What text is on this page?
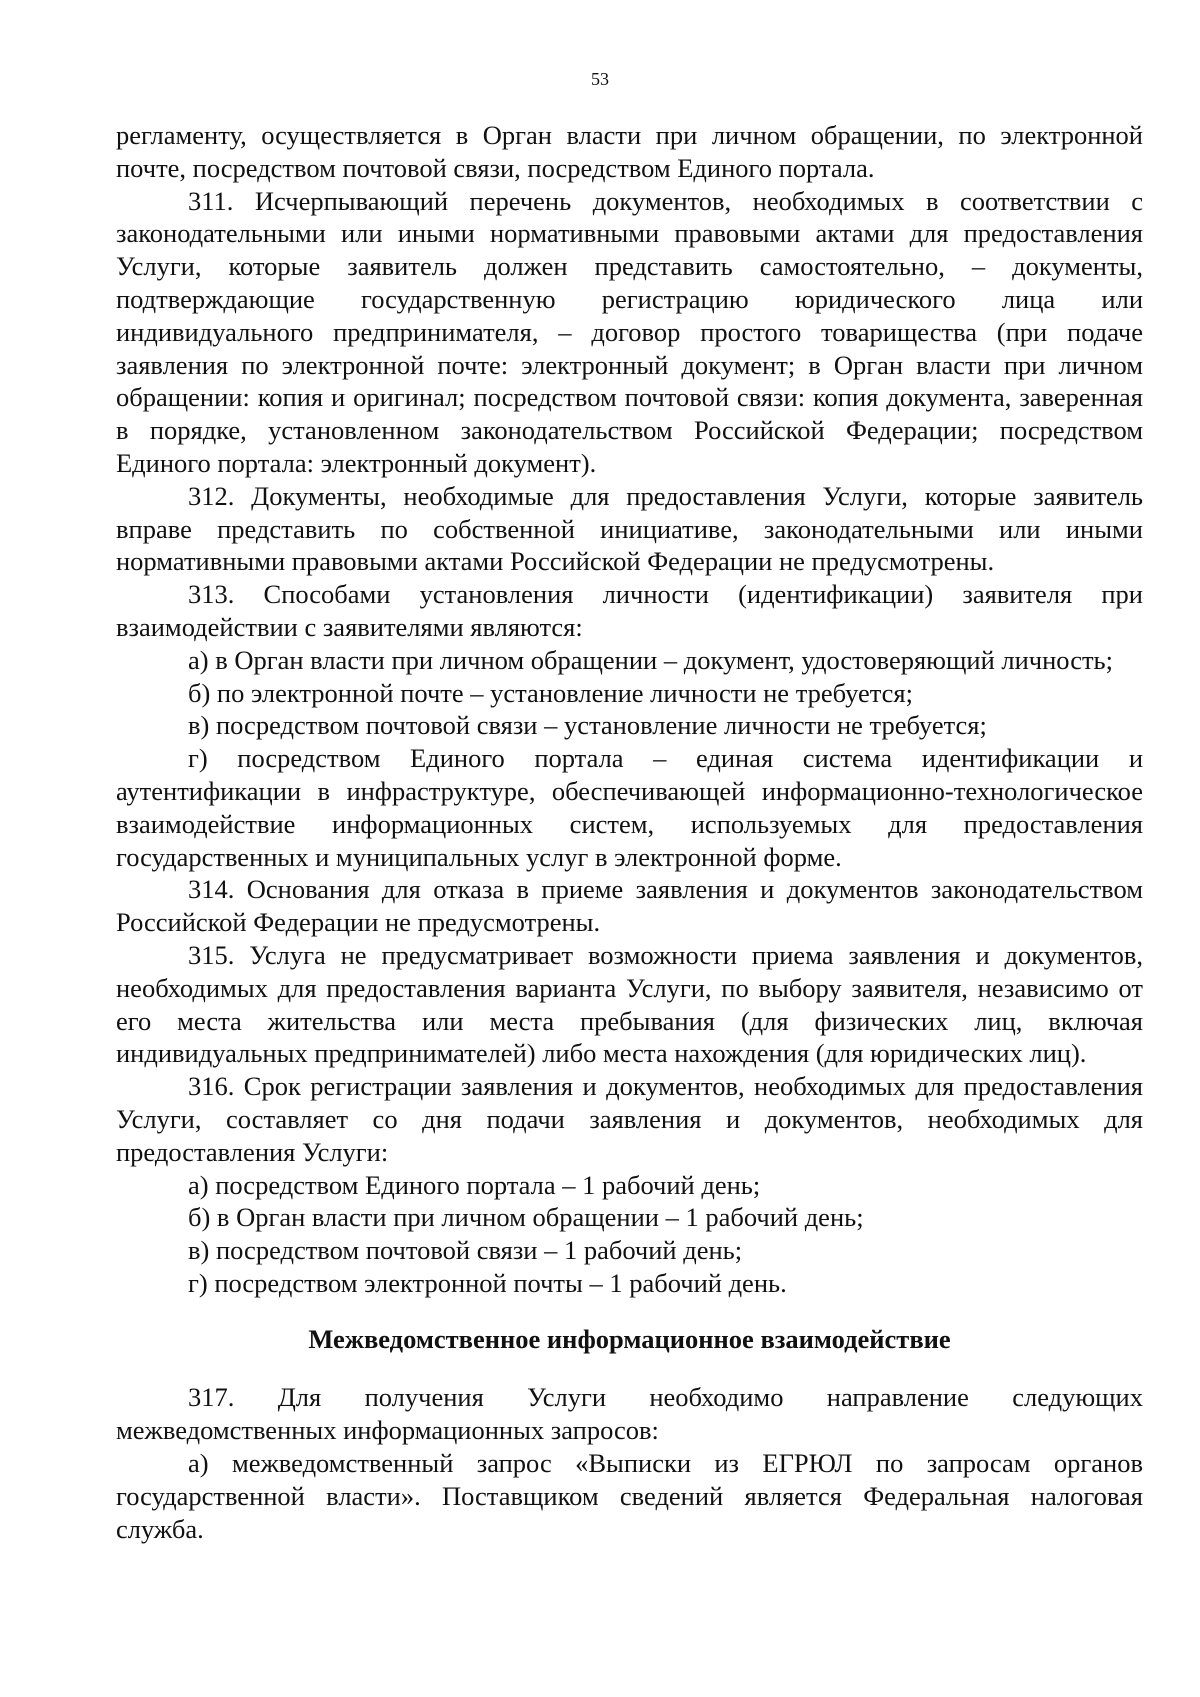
53

регламенту, осуществляется в Орган власти при личном обращении, по электронной почте, посредством почтовой связи, посредством Единого портала.

311. Исчерпывающий перечень документов, необходимых в соответствии с законодательными или иными нормативными правовыми актами для предоставления Услуги, которые заявитель должен представить самостоятельно, – документы, подтверждающие государственную регистрацию юридического лица или индивидуального предпринимателя, – договор простого товарищества (при подаче заявления по электронной почте: электронный документ; в Орган власти при личном обращении: копия и оригинал; посредством почтовой связи: копия документа, заверенная в порядке, установленном законодательством Российской Федерации; посредством Единого портала: электронный документ).

312. Документы, необходимые для предоставления Услуги, которые заявитель вправе представить по собственной инициативе, законодательными или иными нормативными правовыми актами Российской Федерации не предусмотрены.

313. Способами установления личности (идентификации) заявителя при взаимодействии с заявителями являются:

а) в Орган власти при личном обращении – документ, удостоверяющий личность;

б) по электронной почте – установление личности не требуется;

в) посредством почтовой связи – установление личности не требуется;

г) посредством Единого портала – единая система идентификации и аутентификации в инфраструктуре, обеспечивающей информационно-технологическое взаимодействие информационных систем, используемых для предоставления государственных и муниципальных услуг в электронной форме.

314. Основания для отказа в приеме заявления и документов законодательством Российской Федерации не предусмотрены.

315. Услуга не предусматривает возможности приема заявления и документов, необходимых для предоставления варианта Услуги, по выбору заявителя, независимо от его места жительства или места пребывания (для физических лиц, включая индивидуальных предпринимателей) либо места нахождения (для юридических лиц).

316. Срок регистрации заявления и документов, необходимых для предоставления Услуги, составляет со дня подачи заявления и документов, необходимых для предоставления Услуги:

а) посредством Единого портала – 1 рабочий день;

б) в Орган власти при личном обращении – 1 рабочий день;

в) посредством почтовой связи – 1 рабочий день;

г) посредством электронной почты – 1 рабочий день.

Межведомственное информационное взаимодействие

317. Для получения Услуги необходимо направление следующих межведомственных информационных запросов:

а) межведомственный запрос «Выписки из ЕГРЮЛ по запросам органов государственной власти». Поставщиком сведений является Федеральная налоговая служба.
